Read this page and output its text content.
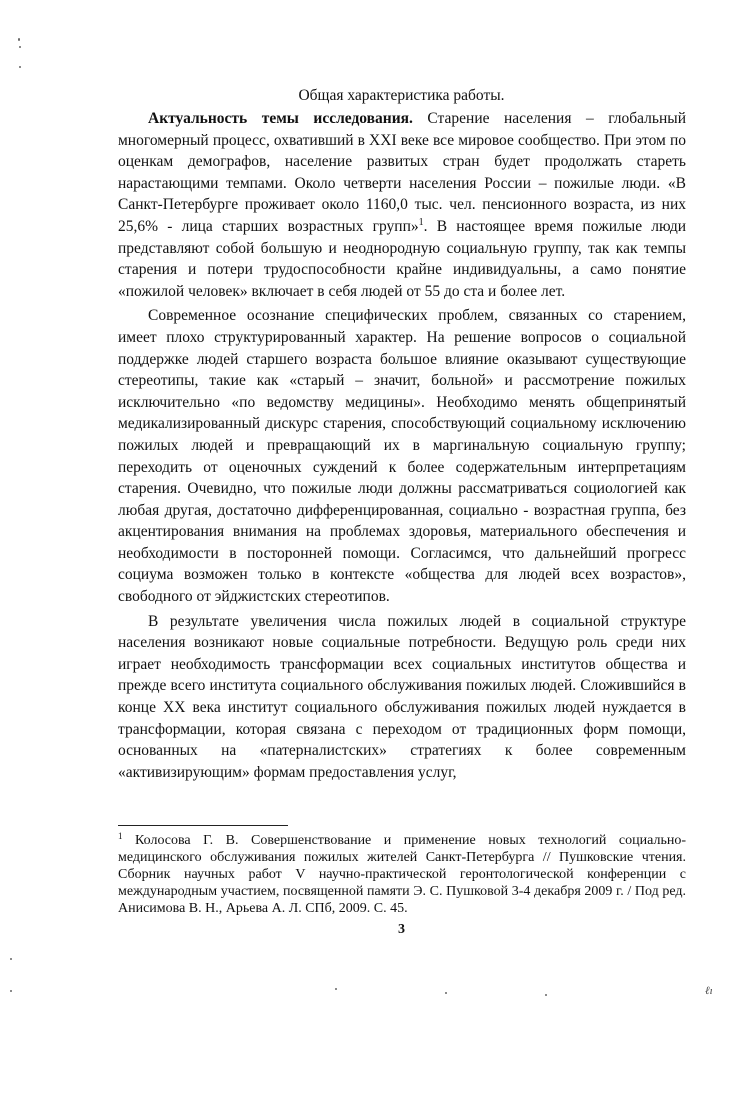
Общая характеристика работы.

Актуальность темы исследования. Старение населения – глобальный многомерный процесс, охвативший в XXI веке все мировое сообщество. При этом по оценкам демографов, население развитых стран будет продолжать стареть нарастающими темпами. Около четверти населения России – пожилые люди. «В Санкт-Петербурге проживает около 1160,0 тыс. чел. пенсионного возраста, из них 25,6% - лица старших возрастных групп»$^1$. В настоящее время пожилые люди представляют собой большую и неоднородную социальную группу, так как темпы старения и потери трудоспособности крайне индивидуальны, а само понятие «пожилой человек» включает в себя людей от 55 до ста и более лет.

Современное осознание специфических проблем, связанных со старением, имеет плохо структурированный характер. На решение вопросов о социальной поддержке людей старшего возраста большое влияние оказывают существующие стереотипы, такие как «старый – значит, больной» и рассмотрение пожилых исключительно «по ведомству медицины». Необходимо менять общепринятый медикализированный дискурс старения, способствующий социальному исключению пожилых людей и превращающий их в маргинальную социальную группу; переходить от оценочных суждений к более содержательным интерпретациям старения. Очевидно, что пожилые люди должны рассматриваться социологией как любая другая, достаточно дифференцированная, социально - возрастная группа, без акцентирования внимания на проблемах здоровья, материального обеспечения и необходимости в посторонней помощи. Согласимся, что дальнейший прогресс социума возможен только в контексте «общества для людей всех возрастов», свободного от эйджистских стереотипов.

В результате увеличения числа пожилых людей в социальной структуре населения возникают новые социальные потребности. Ведущую роль среди них играет необходимость трансформации всех социальных институтов общества и прежде всего института социального обслуживания пожилых людей. Сложившийся в конце XX века институт социального обслуживания пожилых людей нуждается в трансформации, которая связана с переходом от традиционных форм помощи, основанных на «патерналистских» стратегиях к более современным «активизирующим» формам предоставления услуг,

$^1$ Колосова Г. В. Совершенствование и применение новых технологий социально-медицинского обслуживания пожилых жителей Санкт-Петербурга // Пушковские чтения. Сборник научных работ V научно-практической геронтологической конференции с международным участием, посвященной памяти Э. С. Пушковой 3-4 декабря 2009 г. / Под ред. Анисимова В. Н., Арьева А. Л. СПб, 2009. С. 45.
3
ℓı
